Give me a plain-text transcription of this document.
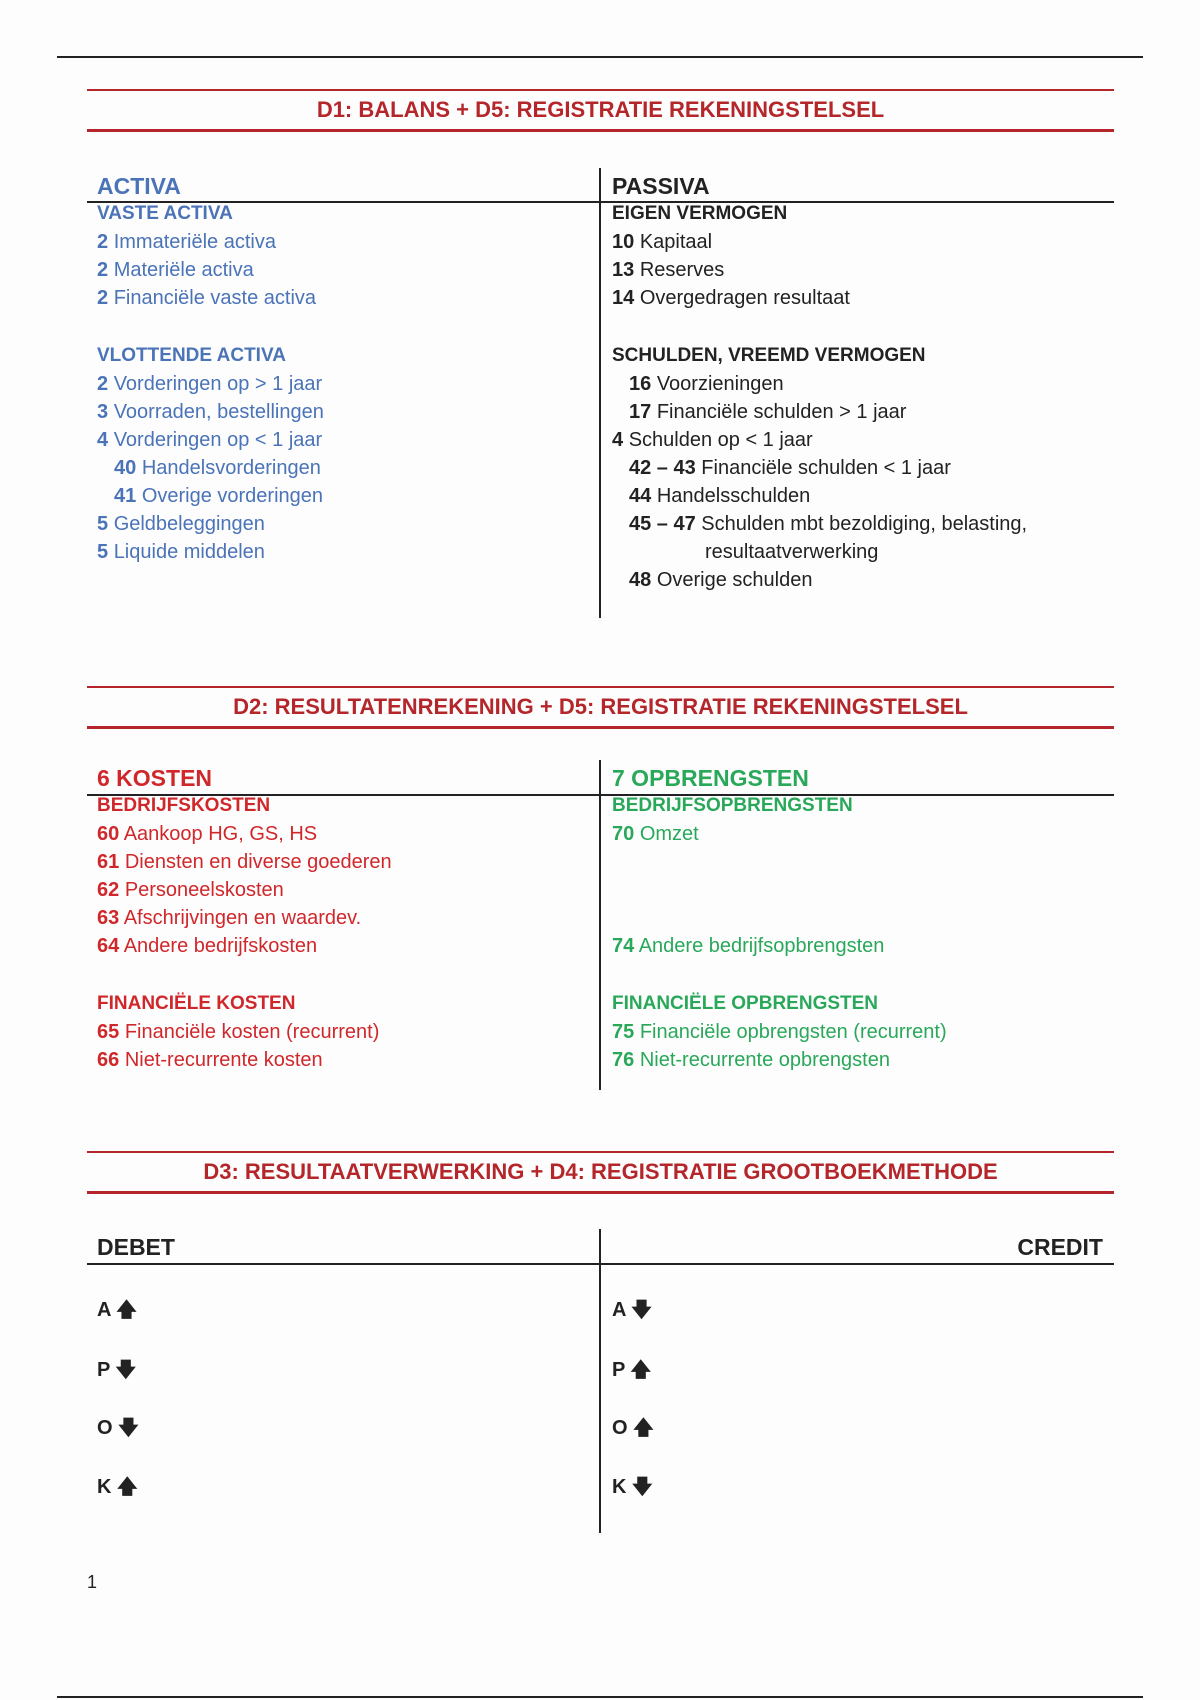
D1: BALANS + D5: REGISTRATIE REKENINGSTELSEL
ACTIVA
VASTE ACTIVA
2 Immateriële activa
2 Materiële activa
2 Financiële vaste activa
VLOTTENDE ACTIVA
2 Vorderingen op > 1 jaar
3 Voorraden, bestellingen
4 Vorderingen op < 1 jaar
40 Handelsvorderingen
41 Overige vorderingen
5 Geldbeleggingen
5 Liquide middelen
PASSIVA
EIGEN VERMOGEN
10 Kapitaal
13 Reserves
14 Overgedragen resultaat
SCHULDEN, VREEMD VERMOGEN
16 Voorzieningen
17 Financiële schulden > 1 jaar
4 Schulden op < 1 jaar
42 – 43 Financiële schulden < 1 jaar
44 Handelsschulden
45 – 47 Schulden mbt bezoldiging, belasting,
resultaatverwerking
48 Overige schulden
D2: RESULTATENREKENING + D5: REGISTRATIE REKENINGSTELSEL
6 KOSTEN
BEDRIJFSKOSTEN
60 Aankoop HG, GS, HS
61 Diensten en diverse goederen
62 Personeelskosten
63 Afschrijvingen en waardev.
64 Andere bedrijfskosten
FINANCIËLE KOSTEN
65 Financiële kosten (recurrent)
66 Niet-recurrente kosten
7 OPBRENGSTEN
BEDRIJFSOPBRENGSTEN
70 Omzet
74 Andere bedrijfsopbrengsten
FINANCIËLE OPBRENGSTEN
75 Financiële opbrengsten (recurrent)
76 Niet-recurrente opbrengsten
D3: RESULTAATVERWERKING + D4: REGISTRATIE GROOTBOEKMETHODE
DEBET	CREDIT
A 🡅
P 🡇
O 🡇
K 🡅
A 🡇
P 🡅
O 🡅
K 🡇
1
